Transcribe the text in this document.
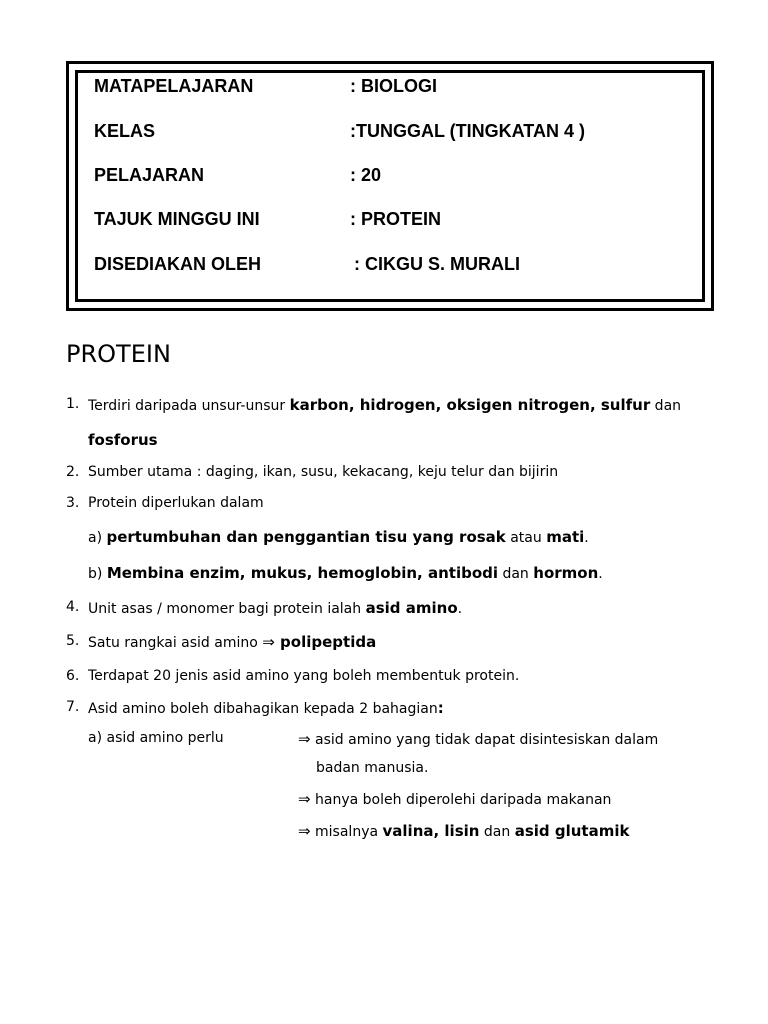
MATAPELAJARAN	: BIOLOGI
KELAS	:TUNGGAL (TINGKATAN 4 )
PELAJARAN	: 20
TAJUK MINGGU INI	: PROTEIN
DISEDIAKAN OLEH	: CIKGU S. MURALI
PROTEIN
1. Terdiri daripada unsur-unsur karbon, hidrogen, oksigen nitrogen, sulfur dan
fosforus
2. Sumber utama : daging, ikan, susu, kekacang, keju telur dan bijirin
3. Protein diperlukan dalam
a) pertumbuhan dan penggantian tisu yang rosak atau mati.
b) Membina enzim, mukus, hemoglobin, antibodi dan hormon.
4. Unit asas / monomer bagi protein ialah asid amino.
5. Satu rangkai asid amino ⇒ polipeptida
6. Terdapat 20 jenis asid amino yang boleh membentuk protein.
7. Asid amino boleh dibahagikan kepada 2 bahagian:
a) asid amino perlu	⇒ asid amino yang tidak dapat disintesiskan dalam
badan manusia.
⇒ hanya boleh diperolehi daripada makanan
⇒ misalnya valina, lisin dan asid glutamik
